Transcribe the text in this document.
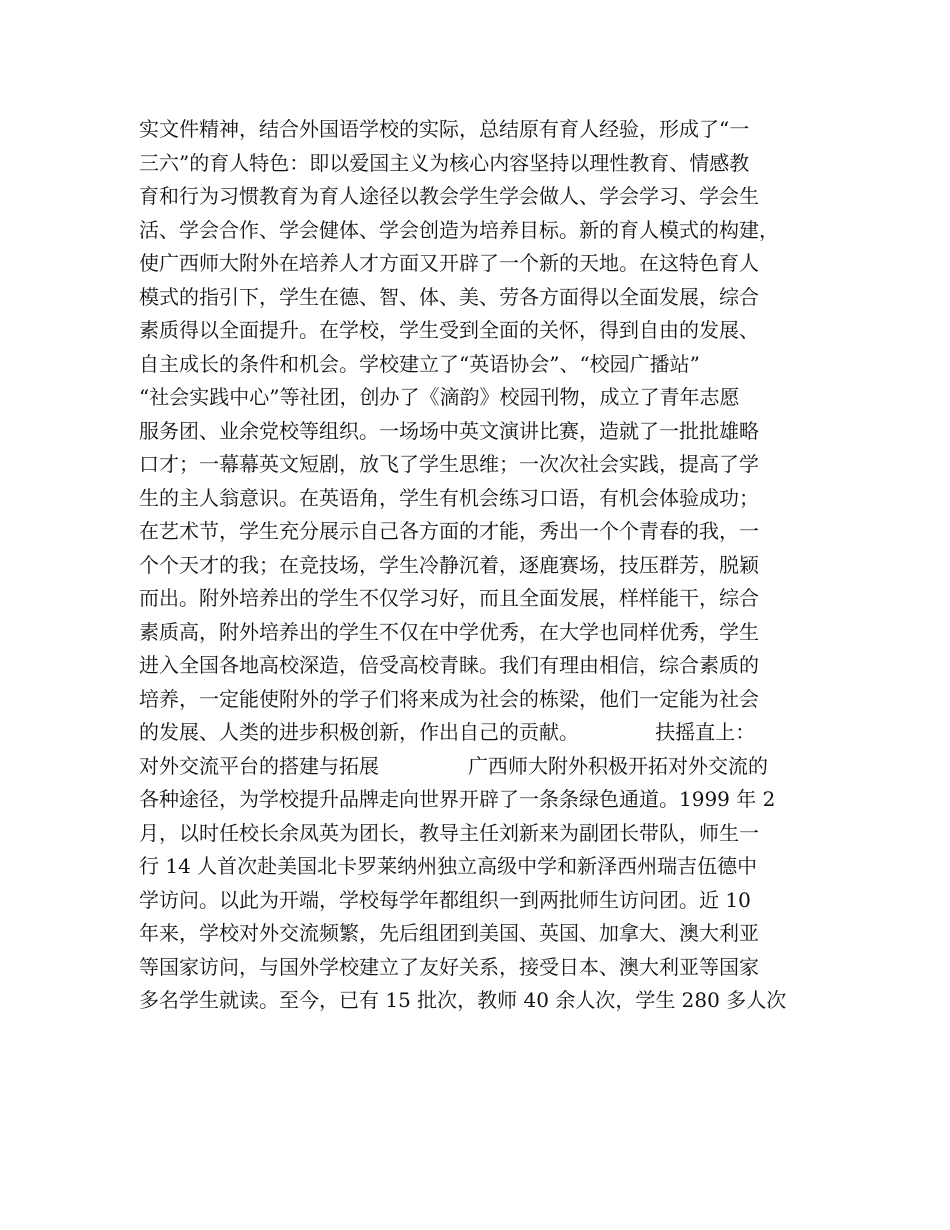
实文件精神，结合外国语学校的实际，总结原有育人经验，形成了“一
三六”的育人特色：即以爱国主义为核心内容坚持以理性教育、情感教
育和行为习惯教育为育人途径以教会学生学会做人、学会学习、学会生
活、学会合作、学会健体、学会创造为培养目标。新的育人模式的构建，
使广西师大附外在培养人才方面又开辟了一个新的天地。在这特色育人
模式的指引下，学生在德、智、体、美、劳各方面得以全面发展，综合
素质得以全面提升。在学校，学生受到全面的关怀，得到自由的发展、
自主成长的条件和机会。学校建立了“英语协会”、“校园广播站”
“社会实践中心”等社团，创办了《滴韵》校园刊物，成立了青年志愿
服务团、业余党校等组织。一场场中英文演讲比赛，造就了一批批雄略
口才；一幕幕英文短剧，放飞了学生思维；一次次社会实践，提高了学
生的主人翁意识。在英语角，学生有机会练习口语，有机会体验成功；
在艺术节，学生充分展示自己各方面的才能，秀出一个个青春的我，一
个个天才的我；在竞技场，学生冷静沉着，逐鹿赛场，技压群芳，脱颖
而出。附外培养出的学生不仅学习好，而且全面发展，样样能干，综合
素质高，附外培养出的学生不仅在中学优秀，在大学也同样优秀，学生
进入全国各地高校深造，倍受高校青睐。我们有理由相信，综合素质的
培养，一定能使附外的学子们将来成为社会的栋梁，他们一定能为社会
的发展、人类的进步积极创新，作出自己的贡献。            扶摇直上：
对外交流平台的搭建与拓展              广西师大附外积极开拓对外交流的
各种途径，为学校提升品牌走向世界开辟了一条条绿色通道。1999 年 2
月，以时任校长余凤英为团长，教导主任刘新来为副团长带队，师生一
行 14 人首次赴美国北卡罗莱纳州独立高级中学和新泽西州瑞吉伍德中
学访问。以此为开端，学校每学年都组织一到两批师生访问团。近 10
年来，学校对外交流频繁，先后组团到美国、英国、加拿大、澳大利亚
等国家访问，与国外学校建立了友好关系，接受日本、澳大利亚等国家
多名学生就读。至今，已有 15 批次，教师 40 余人次，学生 280 多人次
